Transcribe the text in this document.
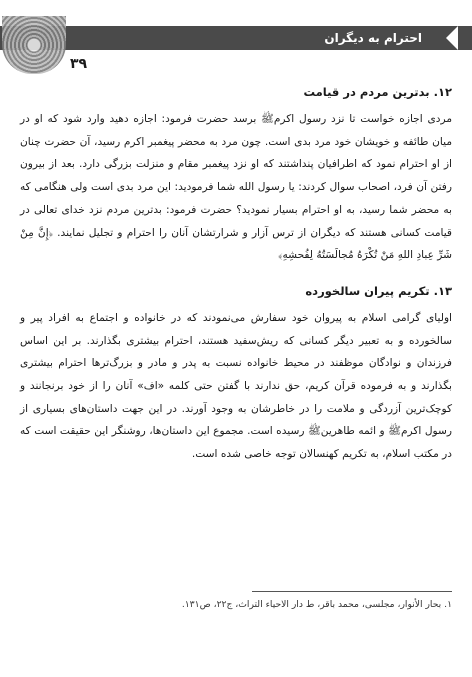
احترام به دیگران
۳۹
۱۲. بدترین مردم در قیامت

مردی اجازه خواست تا نزد رسول اکرمﷺ برسد حضرت فرمود: اجازه دهید وارد شود که او در میان طائفه و خویشان خود مرد بدی است. چون مرد به محضر پیغمبر اکرم رسید، آن حضرت چنان از او احترام نمود که اطرافیان پنداشتند که او نزد پیغمبر مقام و منزلت بزرگی دارد. بعد از بیرون رفتن آن فرد، اصحاب سوال کردند: یا رسول الله شما فرمودید: این مرد بدی است ولی هنگامی که به محضر شما رسید، به او احترام بسیار نمودید؟ حضرت فرمود: بدترین مردم نزد خدای تعالی در قیامت کسانی هستند که دیگران از ترس آزار و شرارتشان آنان را احترام و تجلیل نمایند. ﴿إِنَّ مِنْ شَرِّ عِبادِ اللهِ مَنْ تُكْرَهُ مُجالَسَتُهُ لِفُحشِهِ﴾

۱۳. تکریم پیران سالخورده

اولیای گرامی اسلام به پیروان خود سفارش می‌نمودند که در خانواده و اجتماع به افراد پیر و سالخورده و به تعبیر دیگر کسانی که ریش‌سفید هستند، احترام بیشتری بگذارند. بر این اساس فرزندان و نوادگان موظفند در محیط خانواده نسبت به پدر و مادر و بزرگ‌ترها احترام بیشتری بگذارند و به فرموده قرآن کریم، حق ندارند با گفتن حتی کلمه «اف» آنان را از خود برنجانند و کوچک‌ترین آزردگی و ملامت را در خاطرشان به وجود آورند. در این جهت داستان‌های بسیاری از رسول اکرمﷺ و ائمه طاهرینﷺ رسیده است. مجموع این داستان‌ها، روشنگر این حقیقت است که در مکتب اسلام، به تکریم کهنسالان توجه خاصی شده است.

۱. بحار الأنوار، مجلسی، محمد باقر، ط دار الاحیاء التراث، ج۲۲، ص۱۳۱.
